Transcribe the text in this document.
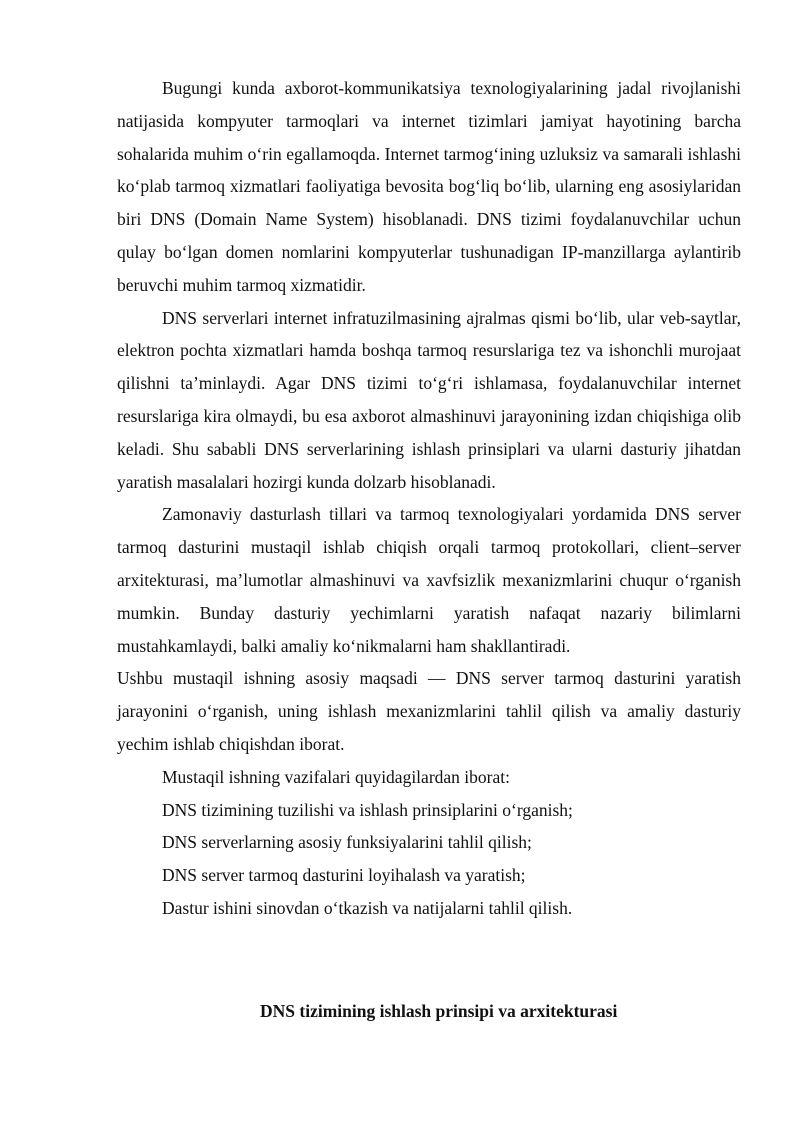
Bugungi kunda axborot-kommunikatsiya texnologiyalarining jadal rivojlanishi natijasida kompyuter tarmoqlari va internet tizimlari jamiyat hayotining barcha sohalarida muhim o‘rin egallamoqda. Internet tarmog‘ining uzluksiz va samarali ishlashi ko‘plab tarmoq xizmatlari faoliyatiga bevosita bog‘liq bo‘lib, ularning eng asosiylaridan biri DNS (Domain Name System) hisoblanadi. DNS tizimi foydalanuvchilar uchun qulay bo‘lgan domen nomlarini kompyuterlar tushunadigan IP-manzillarga aylantirib beruvchi muhim tarmoq xizmatidir.

DNS serverlari internet infratuzilmasining ajralmas qismi bo‘lib, ular veb-saytlar, elektron pochta xizmatlari hamda boshqa tarmoq resurslariga tez va ishonchli murojaat qilishni ta’minlaydi. Agar DNS tizimi to‘g‘ri ishlamasa, foydalanuvchilar internet resurslariga kira olmaydi, bu esa axborot almashinuvi jarayonining izdan chiqishiga olib keladi. Shu sababli DNS serverlarining ishlash prinsiplari va ularni dasturiy jihatdan yaratish masalalari hozirgi kunda dolzarb hisoblanadi.

Zamonaviy dasturlash tillari va tarmoq texnologiyalari yordamida DNS server tarmoq dasturini mustaqil ishlab chiqish orqali tarmoq protokollari, client–server arxitekturasi, ma’lumotlar almashinuvi va xavfsizlik mexanizmlarini chuqur o‘rganish mumkin. Bunday dasturiy yechimlarni yaratish nafaqat nazariy bilimlarni mustahkamlaydi, balki amaliy ko‘nikmalarni ham shakllantiradi.

Ushbu mustaqil ishning asosiy maqsadi — DNS server tarmoq dasturini yaratish jarayonini o‘rganish, uning ishlash mexanizmlarini tahlil qilish va amaliy dasturiy yechim ishlab chiqishdan iborat.

Mustaqil ishning vazifalari quyidagilardan iborat:

DNS tizimining tuzilishi va ishlash prinsiplarini o‘rganish;

DNS serverlarning asosiy funksiyalarini tahlil qilish;

DNS server tarmoq dasturini loyihalash va yaratish;

Dastur ishini sinovdan o‘tkazish va natijalarni tahlil qilish.

DNS tizimining ishlash prinsipi va arxitekturasi
